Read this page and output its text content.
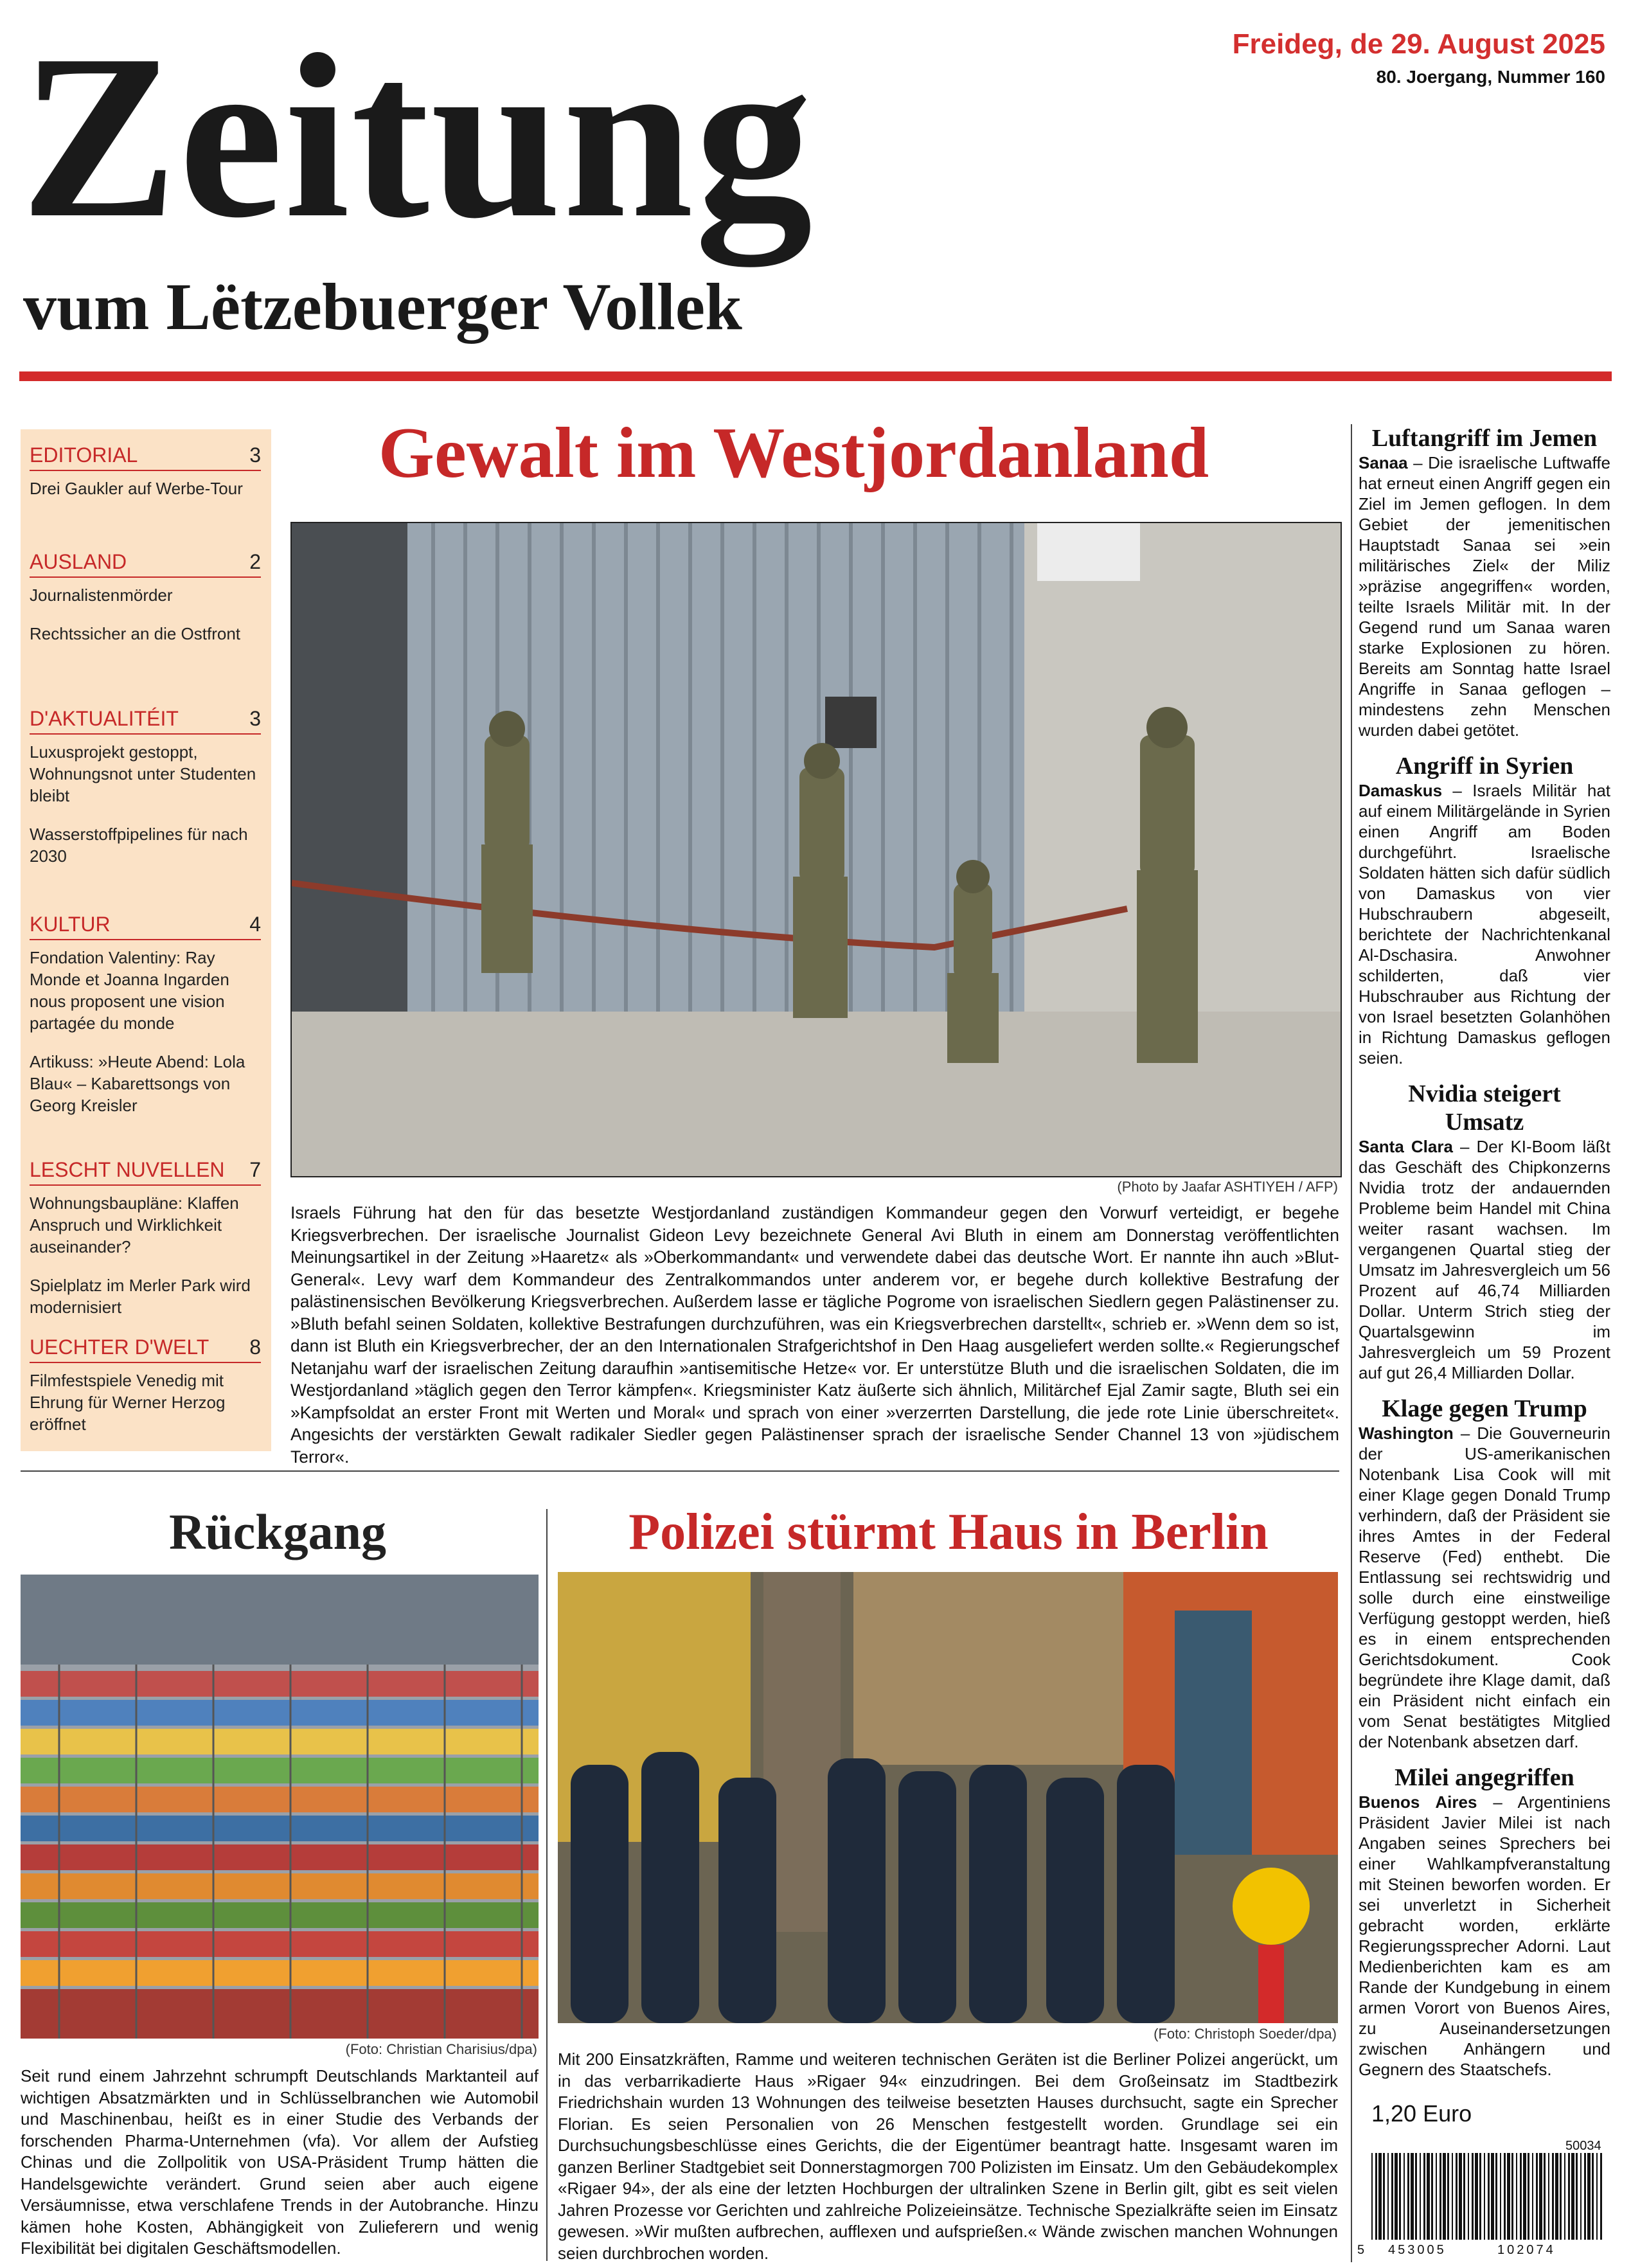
Zeitung
vum Lëtzebuerger Vollek
Freideg, de 29. August 2025
80. Joergang, Nummer 160
EDITORIAL	3
Drei Gaukler auf Werbe-Tour
AUSLAND	2
Journalistenmörder
Rechtssicher an die Ostfront
D'AKTUALITÉIT	3
Luxusprojekt gestoppt, Wohnungsnot unter Studenten bleibt
Wasserstoffpipelines für nach 2030
KULTUR	4
Fondation Valentiny: Ray Monde et Joanna Ingarden nous proposent une vision partagée du monde
Artikuss: »Heute Abend: Lola Blau« – Kabarettsongs von Georg Kreisler
LESCHT NUVELLEN 7
Wohnungsbaupläne: Klaffen Anspruch und Wirklichkeit auseinander?
Spielplatz im Merler Park wird modernisiert
UECHTER D'WELT 8
Filmfestspiele Venedig mit Ehrung für Werner Herzog eröffnet
Gewalt im Westjordanland
(Photo by Jaafar ASHTIYEH / AFP)
Israels Führung hat den für das besetzte Westjordanland zuständigen Kommandeur gegen den Vorwurf verteidigt, er begehe Kriegsverbrechen. Der israelische Journalist Gideon Levy bezeichnete General Avi Bluth in einem am Donnerstag veröffentlichten Meinungsartikel in der Zeitung »Haaretz« als »Oberkommandant« und verwendete dabei das deutsche Wort. Er nannte ihn auch »Blut-General«. Levy warf dem Kommandeur des Zentralkommandos unter anderem vor, er begehe durch kollektive Bestrafung der palästinensischen Bevölkerung Kriegsverbrechen. Außerdem lasse er tägliche Pogrome von israelischen Siedlern gegen Palästinenser zu. »Bluth befahl seinen Soldaten, kollektive Bestrafungen durchzuführen, was ein Kriegsverbrechen darstellt«, schrieb er. »Wenn dem so ist, dann ist Bluth ein Kriegsverbrecher, der an den Internationalen Strafgerichtshof in Den Haag ausgeliefert werden sollte.« Regierungschef Netanjahu warf der israelischen Zeitung daraufhin »antisemitische Hetze« vor. Er unterstütze Bluth und die israelischen Soldaten, die im Westjordanland »täglich gegen den Terror kämpfen«. Kriegsminister Katz äußerte sich ähnlich, Militärchef Ejal Zamir sagte, Bluth sei ein »Kampfsoldat an erster Front mit Werten und Moral« und sprach von einer »verzerrten Darstellung, die jede rote Linie überschreitet«. Angesichts der verstärkten Gewalt radikaler Siedler gegen Palästinenser sprach der israelische Sender Channel 13 von »jüdischem Terror«.
Rückgang
(Foto: Christian Charisius/dpa)
Seit rund einem Jahrzehnt schrumpft Deutschlands Marktanteil auf wichtigen Absatzmärkten und in Schlüsselbranchen wie Automobil und Maschinenbau, heißt es in einer Studie des Verbands der forschenden Pharma-Unternehmen (vfa). Vor allem der Aufstieg Chinas und die Zollpolitik von USA-Präsident Trump hätten die Handelsgewichte verändert. Grund seien aber auch eigene Versäumnisse, etwa verschlafene Trends in der Autobranche. Hinzu kämen hohe Kosten, Abhängigkeit von Zulieferern und wenig Flexibilität bei digitalen Geschäftsmodellen.
Polizei stürmt Haus in Berlin
(Foto: Christoph Soeder/dpa)
Mit 200 Einsatzkräften, Ramme und weiteren technischen Geräten ist die Berliner Polizei angerückt, um in das verbarrikadierte Haus »Rigaer 94« einzudringen. Bei dem Großeinsatz im Stadtbezirk Friedrichshain wurden 13 Wohnungen des teilweise besetzten Hauses durchsucht, sagte ein Sprecher Florian. Es seien Personalien von 26 Menschen festgestellt worden. Grundlage sei ein Durchsuchungsbeschlüsse eines Gerichts, die der Eigentümer beantragt hatte. Insgesamt waren im ganzen Berliner Stadtgebiet seit Donnerstagmorgen 700 Polizisten im Einsatz. Um den Gebäudekomplex «Rigaer 94», der als eine der letzten Hochburgen der ultralinken Szene in Berlin gilt, gibt es seit vielen Jahren Prozesse vor Gerichten und zahlreiche Polizeieinsätze. Technische Spezialkräfte seien im Einsatz gewesen. »Wir mußten aufbrechen, aufflexen und aufsprießen.« Wände zwischen manchen Wohnungen seien durchbrochen worden.
Luftangriff im Jemen
Sanaa – Die israelische Luftwaffe hat erneut einen Angriff gegen ein Ziel im Jemen geflogen. In dem Gebiet der jemenitischen Hauptstadt Sanaa sei »ein militärisches Ziel« der Miliz »präzise angegriffen« worden, teilte Israels Militär mit. In der Gegend rund um Sanaa waren starke Explosionen zu hören. Bereits am Sonntag hatte Israel Angriffe in Sanaa geflogen – mindestens zehn Menschen wurden dabei getötet.
Angriff in Syrien
Damaskus – Israels Militär hat auf einem Militärgelände in Syrien einen Angriff am Boden durchgeführt. Israelische Soldaten hätten sich dafür südlich von Damaskus von vier Hubschraubern abgeseilt, berichtete der Nachrichtenkanal Al-Dschasira. Anwohner schilderten, daß vier Hubschrauber aus Richtung der von Israel besetzten Golanhöhen in Richtung Damaskus geflogen seien.
Nvidia steigert Umsatz
Santa Clara – Der KI-Boom läßt das Geschäft des Chipkonzerns Nvidia trotz der andauernden Probleme beim Handel mit China weiter rasant wachsen. Im vergangenen Quartal stieg der Umsatz im Jahresvergleich um 56 Prozent auf 46,74 Milliarden Dollar. Unterm Strich stieg der Quartalsgewinn im Jahresvergleich um 59 Prozent auf gut 26,4 Milliarden Dollar.
Klage gegen Trump
Washington – Die Gouverneurin der US-amerikanischen Notenbank Lisa Cook will mit einer Klage gegen Donald Trump verhindern, daß der Präsident sie ihres Amtes in der Federal Reserve (Fed) enthebt. Die Entlassung sei rechtswidrig und solle durch eine einstweilige Verfügung gestoppt werden, hieß es in einem entsprechenden Gerichtsdokument. Cook begründete ihre Klage damit, daß ein Präsident nicht einfach ein vom Senat bestätigtes Mitglied der Notenbank absetzen darf.
Milei angegriffen
Buenos Aires – Argentiniens Präsident Javier Milei ist nach Angaben seines Sprechers bei einer Wahlkampfveranstaltung mit Steinen beworfen worden. Er sei unverletzt in Sicherheit gebracht worden, erklärte Regierungssprecher Adorni. Laut Medienberichten kam es am Rande der Kundgebung in einem armen Vorort von Buenos Aires, zu Auseinandersetzungen zwischen Anhängern und Gegnern des Staatschefs.
1,20 Euro
50034
5 453005	102074
